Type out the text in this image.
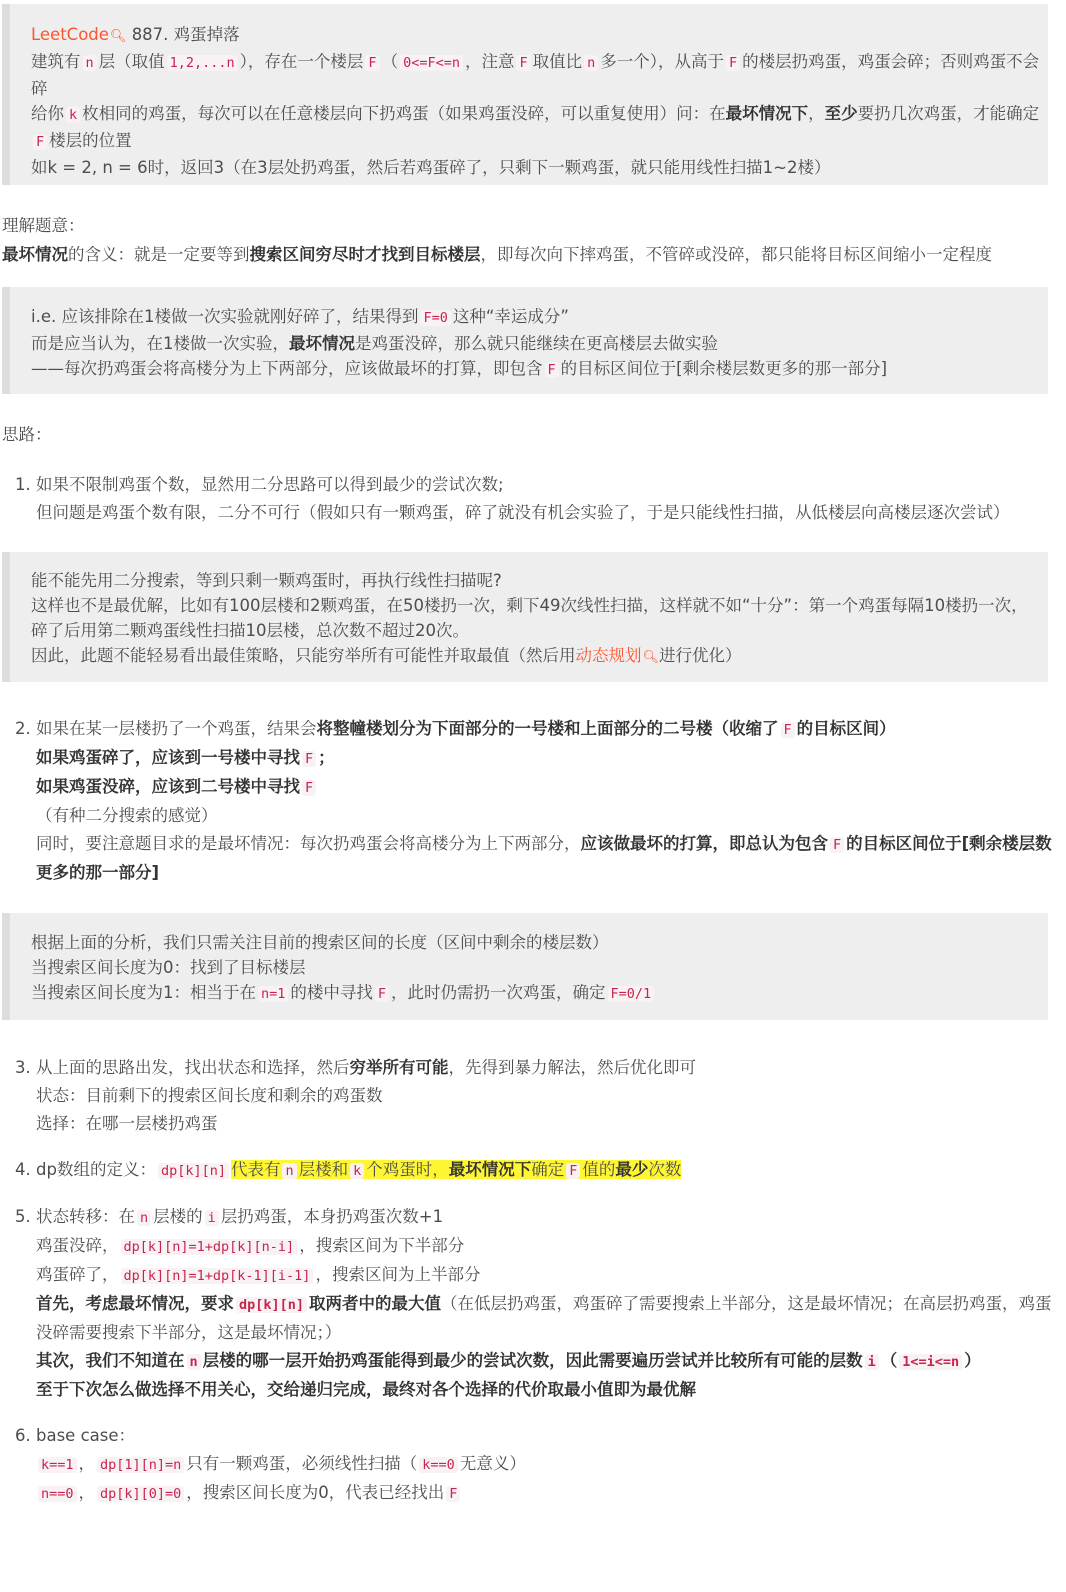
LeetCode🔍︎ 887. 鸡蛋掉落
建筑有 n 层（取值 1,2,...n ），存在一个楼层 F （ 0<=F<=n ，注意 F 取值比 n 多一个），从高于 F 的楼层扔鸡蛋，鸡蛋会碎；否则鸡蛋不会碎
给你 k 枚相同的鸡蛋，每次可以在任意楼层向下扔鸡蛋（如果鸡蛋没碎，可以重复使用）问：在最坏情况下，至少要扔几次鸡蛋，才能确定F 楼层的位置
如k = 2, n = 6时，返回3（在3层处扔鸡蛋，然后若鸡蛋碎了，只剩下一颗鸡蛋，就只能用线性扫描1~2楼）
理解题意：
最坏情况的含义：就是一定要等到搜索区间穷尽时才找到目标楼层，即每次向下摔鸡蛋，不管碎或没碎，都只能将目标区间缩小一定程度
i.e. 应该排除在1楼做一次实验就刚好碎了，结果得到 F=0 这种“幸运成分”
而是应当认为，在1楼做一次实验，最坏情况是鸡蛋没碎，那么就只能继续在更高楼层去做实验
——每次扔鸡蛋会将高楼分为上下两部分，应该做最坏的打算，即包含 F 的目标区间位于[剩余楼层数更多的那一部分]
思路：
1. 如果不限制鸡蛋个数，显然用二分思路可以得到最少的尝试次数;
但问题是鸡蛋个数有限，二分不可行（假如只有一颗鸡蛋，碎了就没有机会实验了，于是只能线性扫描，从低楼层向高楼层逐次尝试）
能不能先用二分搜索，等到只剩一颗鸡蛋时，再执行线性扫描呢?
这样也不是最优解，比如有100层楼和2颗鸡蛋，在50楼扔一次，剩下49次线性扫描，这样就不如“十分”：第一个鸡蛋每隔10楼扔一次，碎了后用第二颗鸡蛋线性扫描10层楼，总次数不超过20次。
因此，此题不能轻易看出最佳策略，只能穷举所有可能性并取最值（然后用动态规划🔍︎进行优化）
2. 如果在某一层楼扔了一个鸡蛋，结果会将整幢楼划分为下面部分的一号楼和上面部分的二号楼（收缩了 F 的目标区间）
如果鸡蛋碎了，应该到一号楼中寻找 F ；
如果鸡蛋没碎，应该到二号楼中寻找 F
（有种二分搜索的感觉）
同时，要注意题目求的是最坏情况：每次扔鸡蛋会将高楼分为上下两部分，应该做最坏的打算，即总认为包含 F 的目标区间位于[剩余楼层数更多的那一部分]
根据上面的分析，我们只需关注目前的搜索区间的长度（区间中剩余的楼层数）
当搜索区间长度为0：找到了目标楼层
当搜索区间长度为1：相当于在 n=1 的楼中寻找 F ，此时仍需扔一次鸡蛋，确定 F=0/1
3. 从上面的思路出发，找出状态和选择，然后穷举所有可能，先得到暴力解法，然后优化即可
状态：目前剩下的搜索区间长度和剩余的鸡蛋数
选择：在哪一层楼扔鸡蛋
4. dp数组的定义： dp[k][n] 代表有 n 层楼和 k 个鸡蛋时，最坏情况下确定 F 值的最少次数
5. 状态转移：在 n 层楼的 i 层扔鸡蛋，本身扔鸡蛋次数+1
鸡蛋没碎， dp[k][n]=1+dp[k][n-i] ，搜索区间为下半部分
鸡蛋碎了， dp[k][n]=1+dp[k-1][i-1] ，搜索区间为上半部分
首先，考虑最坏情况，要求 dp[k][n] 取两者中的最大值（在低层扔鸡蛋，鸡蛋碎了需要搜索上半部分，这是最坏情况；在高层扔鸡蛋，鸡蛋没碎需要搜索下半部分，这是最坏情况；）
其次，我们不知道在 n 层楼的哪一层开始扔鸡蛋能得到最少的尝试次数，因此需要遍历尝试并比较所有可能的层数 i （ 1<=i<=n ）
至于下次怎么做选择不用关心，交给递归完成，最终对各个选择的代价取最小值即为最优解
6. base case：
k==1 ， dp[1][n]=n 只有一颗鸡蛋，必须线性扫描（ k==0 无意义）
n==0 ， dp[k][0]=0 ，搜索区间长度为0，代表已经找出 F
